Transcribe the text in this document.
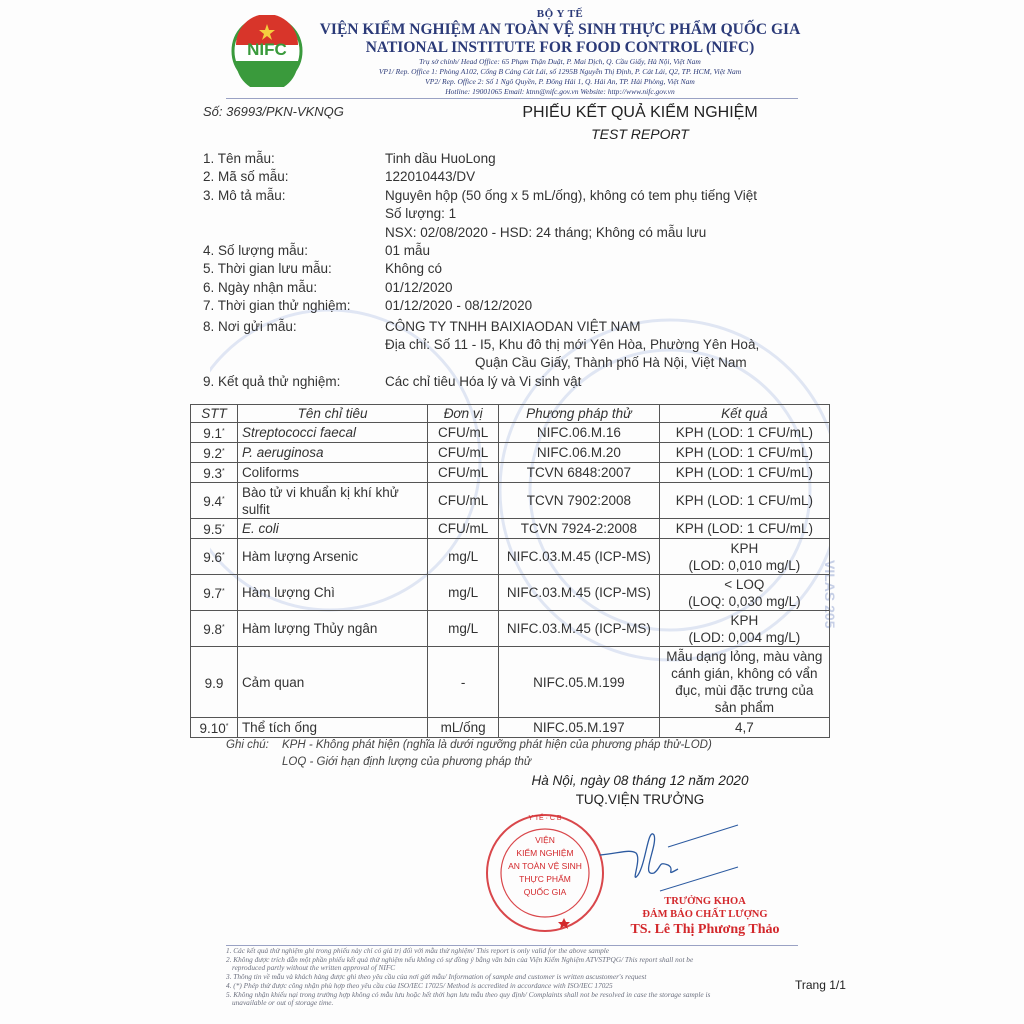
VILAS 205
NIFC
BỘ Y TẾ
VIỆN KIỂM NGHIỆM AN TOÀN VỆ SINH THỰC PHẨM QUỐC GIA
NATIONAL INSTITUTE FOR FOOD CONTROL (NIFC)
Trụ sở chính/ Head Office: 65 Phạm Thận Duật, P. Mai Dịch, Q. Cầu Giấy, Hà Nội, Việt Nam
VP1/ Rep. Office 1: Phòng A102, Cổng B Cảng Cát Lái, số 1295B Nguyễn Thị Định, P. Cát Lái, Q2, TP. HCM, Việt Nam
VP2/ Rep. Office 2: Số 1 Ngô Quyền, P. Đông Hải 1, Q. Hải An, TP. Hải Phòng, Việt Nam
Hotline: 19001065 Email: ktnn@nifc.gov.vn Website: http://www.nifc.gov.vn
Số: 36993/PKN-VKNQG	PHIẾU KẾT QUẢ KIỂM NGHIỆM
TEST REPORT
1. Tên mẫu:	Tinh dầu HuoLong
2. Mã số mẫu:	122010443/DV
3. Mô tả mẫu:	Nguyên hộp (50 ống x 5 mL/ống), không có tem phụ tiếng Việt
Số lượng: 1
NSX: 02/08/2020 - HSD: 24 tháng; Không có mẫu lưu
4. Số lượng mẫu:	01 mẫu
5. Thời gian lưu mẫu:	Không có
6. Ngày nhận mẫu:	01/12/2020
7. Thời gian thử nghiệm:	01/12/2020 - 08/12/2020
8. Nơi gửi mẫu:	CÔNG TY TNHH BAIXIAODAN VIỆT NAM
Địa chỉ: Số 11 - I5, Khu đô thị mới Yên Hòa, Phường Yên Hoà,
Quận Cầu Giấy, Thành phố Hà Nội, Việt Nam
9. Kết quả thử nghiệm:	Các chỉ tiêu Hóa lý và Vi sinh vật
STT	Tên chỉ tiêu	Đơn vị	Phương pháp thử	Kết quả
9.1*	Streptococci faecal	CFU/mL	NIFC.06.M.16	KPH (LOD: 1 CFU/mL)
9.2*	P. aeruginosa	CFU/mL	NIFC.06.M.20	KPH (LOD: 1 CFU/mL)
9.3*	Coliforms	CFU/mL	TCVN 6848:2007	KPH (LOD: 1 CFU/mL)
9.4*	Bào tử vi khuẩn kị khí khử sulfit	CFU/mL	TCVN 7902:2008	KPH (LOD: 1 CFU/mL)
9.5*	E. coli	CFU/mL	TCVN 7924-2:2008	KPH (LOD: 1 CFU/mL)
9.6*	Hàm lượng Arsenic	mg/L	NIFC.03.M.45 (ICP-MS)	KPH
(LOD: 0,010 mg/L)

9.7*	Hàm lượng Chì	mg/L	NIFC.03.M.45 (ICP-MS)	< LOQ
(LOQ: 0,030 mg/L)

9.8*	Hàm lượng Thủy ngân	mg/L	NIFC.03.M.45 (ICP-MS)	KPH
(LOD: 0,004 mg/L)

9.9	Cảm quan	-	NIFC.05.M.199	Mẫu dạng lỏng, màu vàng cánh gián, không có vẩn đục, mùi đặc trưng của sản phẩm
9.10*	Thể tích ống	mL/ống	NIFC.05.M.197	4,7
Ghi chú:	KPH - Không phát hiện (nghĩa là dưới ngưỡng phát hiện của phương pháp thử-LOD)
LOQ - Giới hạn định lượng của phương pháp thử
Hà Nội, ngày 08 tháng 12 năm 2020
TUQ.VIỆN TRƯỞNG
Y TẾ · C B
VIỆN
KIỂM NGHIỆM
AN TOÀN VỆ SINH
THỰC PHẨM
QUỐC GIA
TRƯỞNG KHOA
ĐẢM BẢO CHẤT LƯỢNG
TS. Lê Thị Phương Thảo
1. Các kết quả thử nghiệm ghi trong phiếu này chỉ có giá trị đối với mẫu thử nghiệm/ This report is only valid for the above sample
2. Không được trích dẫn một phần phiếu kết quả thử nghiệm nếu không có sự đồng ý bằng văn bản của Viện Kiểm Nghiệm ATVSTPQG/ This report shall not be
reproduced partly without the written approval of NIFC
3. Thông tin về mẫu và khách hàng được ghi theo yêu cầu của nơi gửi mẫu/ Information of sample and customer is written ascustomer's request
4. (*) Phép thử được công nhận phù hợp theo yêu cầu của ISO/IEC 17025/ Method is accredited in accordance with ISO/IEC 17025
5. Không nhận khiếu nại trong trường hợp không có mẫu lưu hoặc hết thời hạn lưu mẫu theo quy định/ Complaints shall not be resolved in case the storage sample is
unavailable or out of storage time.
Trang 1/1
